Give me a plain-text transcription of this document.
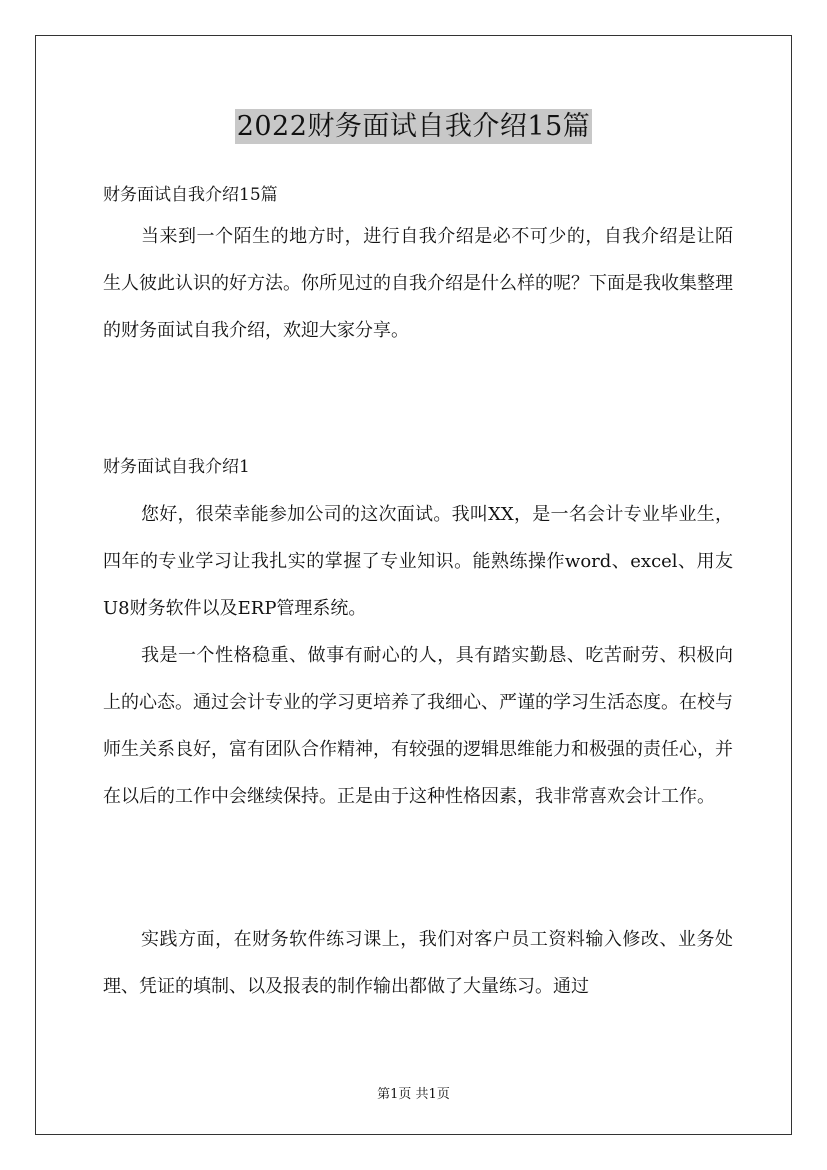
2022财务面试自我介绍15篇
财务面试自我介绍15篇

当来到一个陌生的地方时，进行自我介绍是必不可少的，自我介绍是让陌生人彼此认识的好方法。你所见过的自我介绍是什么样的呢？下面是我收集整理的财务面试自我介绍，欢迎大家分享。

财务面试自我介绍1

您好，很荣幸能参加公司的这次面试。我叫XX，是一名会计专业毕业生，四年的专业学习让我扎实的掌握了专业知识。能熟练操作word、excel、用友U8财务软件以及ERP管理系统。

我是一个性格稳重、做事有耐心的人，具有踏实勤恳、吃苦耐劳、积极向上的心态。通过会计专业的学习更培养了我细心、严谨的学习生活态度。在校与师生关系良好，富有团队合作精神，有较强的逻辑思维能力和极强的责任心，并在以后的工作中会继续保持。正是由于这种性格因素，我非常喜欢会计工作。

实践方面，在财务软件练习课上，我们对客户员工资料输入修改、业务处理、凭证的填制、以及报表的制作输出都做了大量练习。通过

第1页 共1页
